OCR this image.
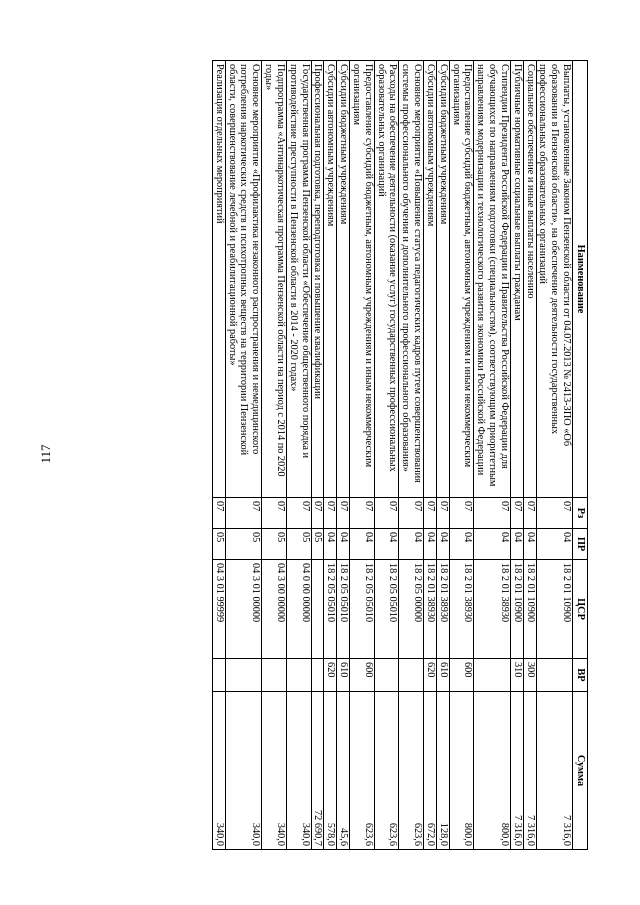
117
Наименование	Рз	ПР	ЦСР	ВР	Сумма
Выплаты, установленные Законом Пензенской области от 04.07.2013 № 2413-ЗПО «Об образовании в Пензенской области», на обеспечение деятельности государственных профессиональных образовательных организаций	07	04	18 2 01 10900		7 316,0
Социальное обеспечение и иные выплаты населению	07	04	18 2 01 10900	300	7 316,0
Публичные нормативные социальные выплаты гражданам	07	04	18 2 01 10900	310	7 316,0
Стипендии Президента Российской Федерации и Правительства Российской Федерации для обучающихся по направлениям подготовки (специальностям), соответствующим приоритетным направлениям модернизации и технологического развития экономики Российской Федерации	07	04	18 2 01 38930		800,0
Предоставление субсидий бюджетным, автономным учреждениям и иным некоммерческим организациям	07	04	18 2 01 38930	600	800,0
Субсидии бюджетным учреждениям	07	04	18 2 01 38930	610	128,0
Субсидии автономным учреждениям	07	04	18 2 01 38930	620	672,0
Основное мероприятие «Повышение статуса педагогических кадров путем совершенствования системы профессионального обучения и дополнительного профессионального образования»	07	04	18 2 05 00000		623,6
Расходы на обеспечение деятельности (оказание услуг) государственных профессиональных образовательных организаций	07	04	18 2 05 05010		623,6
Предоставление субсидий бюджетным, автономным учреждениям и иным некоммерческим организациям	07	04	18 2 05 05010	600	623,6
Субсидии бюджетным учреждениям	07	04	18 2 05 05010	610	45,6
Субсидии автономным учреждениям	07	04	18 2 05 05010	620	578,0
Профессиональная подготовка, переподготовка и повышение квалификации	07	05			72 690,7
Государственная программа Пензенской области «Обеспечение общественного порядка и противодействие преступности в Пензенской области в 2014 - 2020 годах»	07	05	04 0 00 00000		340,0
Подпрограмма «Антинаркотическая программа Пензенской области на период с 2014 по 2020 годы»	07	05	04 3 00 00000		340,0
Основное мероприятие «Профилактика незаконного распространения и немедицинского потребления наркотических средств и психотропных веществ на территории Пензенской области, совершенствование лечебной и реабилитационной работы»	07	05	04 3 01 00000		340,0
Реализация отдельных мероприятий	07	05	04 3 01 99999		340,0
